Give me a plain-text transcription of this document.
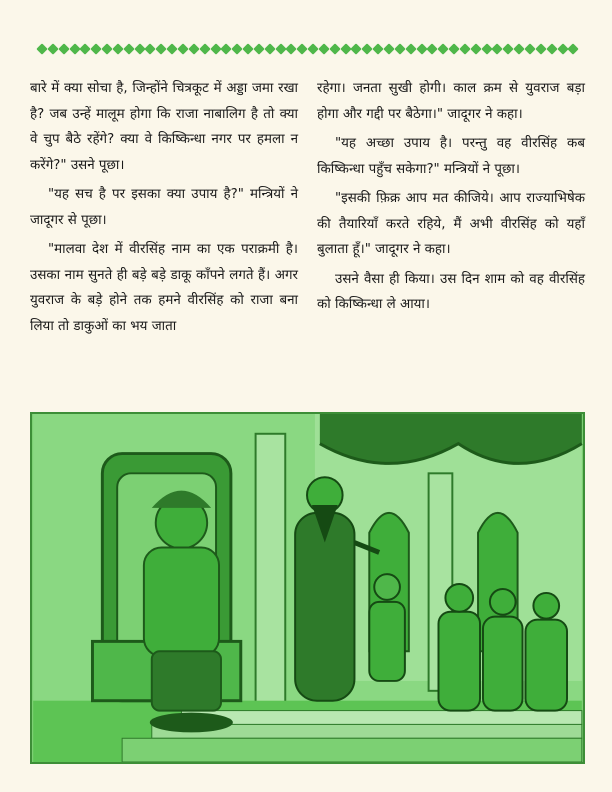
बारे में क्या सोचा है, जिन्होंने चित्रकूट में अड्डा जमा रखा है? जब उन्हें मालूम होगा कि राजा नाबालिग है तो क्या वे चुप बैठे रहेंगे? क्या वे किष्किन्धा नगर पर हमला न करेंगे?" उसने पूछा।

"यह सच है पर इसका क्या उपाय है?" मन्त्रियों ने जादूगर से पूछा।

"मालवा देश में वीरसिंह नाम का एक पराक्रमी है। उसका नाम सुनते ही बड़े बड़े डाकू काँपने लगते हैं। अगर युवराज के बड़े होने तक हमने वीरसिंह को राजा बना लिया तो डाकुओं का भय जाता

रहेगा। जनता सुखी होगी। काल क्रम से युवराज बड़ा होगा और गद्दी पर बैठेगा।" जादूगर ने कहा।

"यह अच्छा उपाय है। परन्तु वह वीरसिंह कब किष्किन्धा पहुँच सकेगा?" मन्त्रियों ने पूछा।

"इसकी फ़िक्र आप मत कीजिये। आप राज्याभिषेक की तैयारियाँ करते रहिये, मैं अभी वीरसिंह को यहाँ बुलाता हूँ।" जादूगर ने कहा।

उसने वैसा ही किया। उस दिन शाम को वह वीरसिंह को किष्किन्धा ले आया।
